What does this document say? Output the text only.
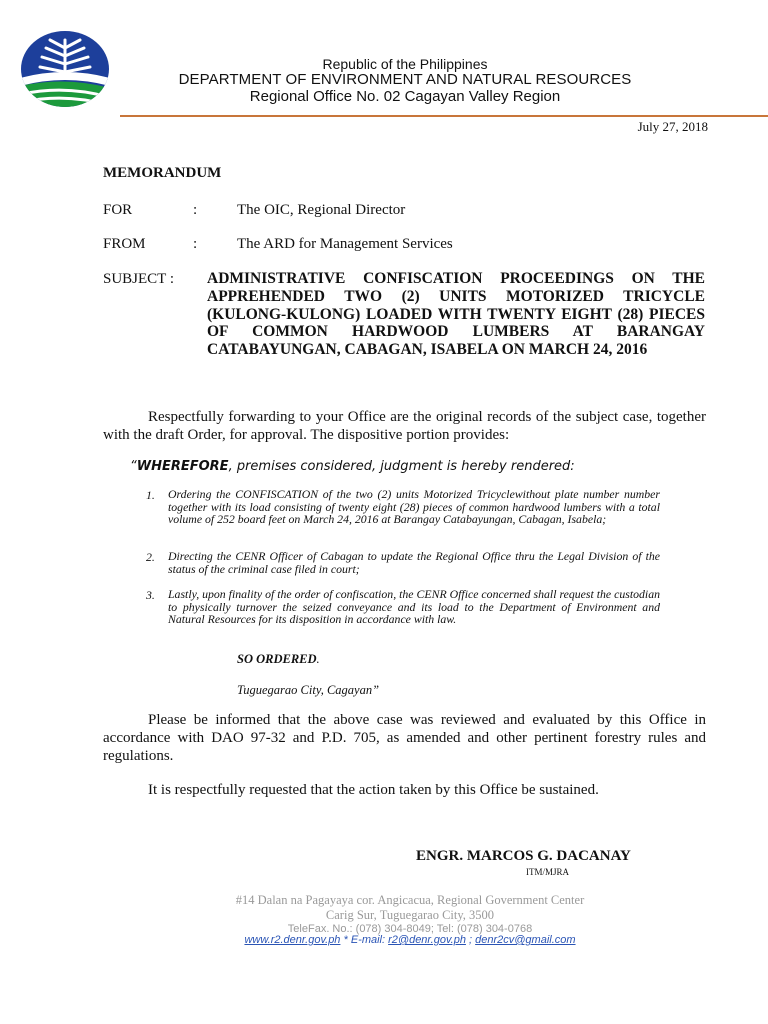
Republic of the Philippines
DEPARTMENT OF ENVIRONMENT AND NATURAL RESOURCES
Regional Office No. 02 Cagayan Valley Region
July 27, 2018
MEMORANDUM
FOR	:	The OIC, Regional Director
FROM	:	The ARD for Management Services
SUBJECT : ADMINISTRATIVE CONFISCATION PROCEEDINGS ON THE APPREHENDED TWO (2) UNITS MOTORIZED TRICYCLE (KULONG-KULONG) LOADED WITH TWENTY EIGHT (28) PIECES OF COMMON HARDWOOD LUMBERS AT BARANGAY CATABAYUNGAN, CABAGAN, ISABELA ON MARCH 24, 2016
Respectfully forwarding to your Office are the original records of the subject case, together with the draft Order, for approval. The dispositive portion provides:
“WHEREFORE, premises considered, judgment is hereby rendered:
1. Ordering the CONFISCATION of the two (2) units Motorized Tricyclewithout plate number number together with its load consisting of twenty eight (28) pieces of common hardwood lumbers with a total volume of 252 board feet on March 24, 2016 at Barangay Catabayungan, Cabagan, Isabela;
2. Directing the CENR Officer of Cabagan to update the Regional Office thru the Legal Division of the status of the criminal case filed in court;
3. Lastly, upon finality of the order of confiscation, the CENR Office concerned shall request the custodian to physically turnover the seized conveyance and its load to the Department of Environment and Natural Resources for its disposition in accordance with law.
SO ORDERED.
Tuguegarao City, Cagayan”
Please be informed that the above case was reviewed and evaluated by this Office in accordance with DAO 97-32 and P.D. 705, as amended and other pertinent forestry rules and regulations.
It is respectfully requested that the action taken by this Office be sustained.
ENGR. MARCOS G. DACANAY
ITM/MJRA
#14 Dalan na Pagayaya cor. Angicacua, Regional Government Center
Carig Sur, Tuguegarao City, 3500
TeleFax. No.: (078) 304-8049; Tel: (078) 304-0768
www.r2.denr.gov.ph * E-mail: r2@denr.gov.ph ; denr2cv@gmail.com
